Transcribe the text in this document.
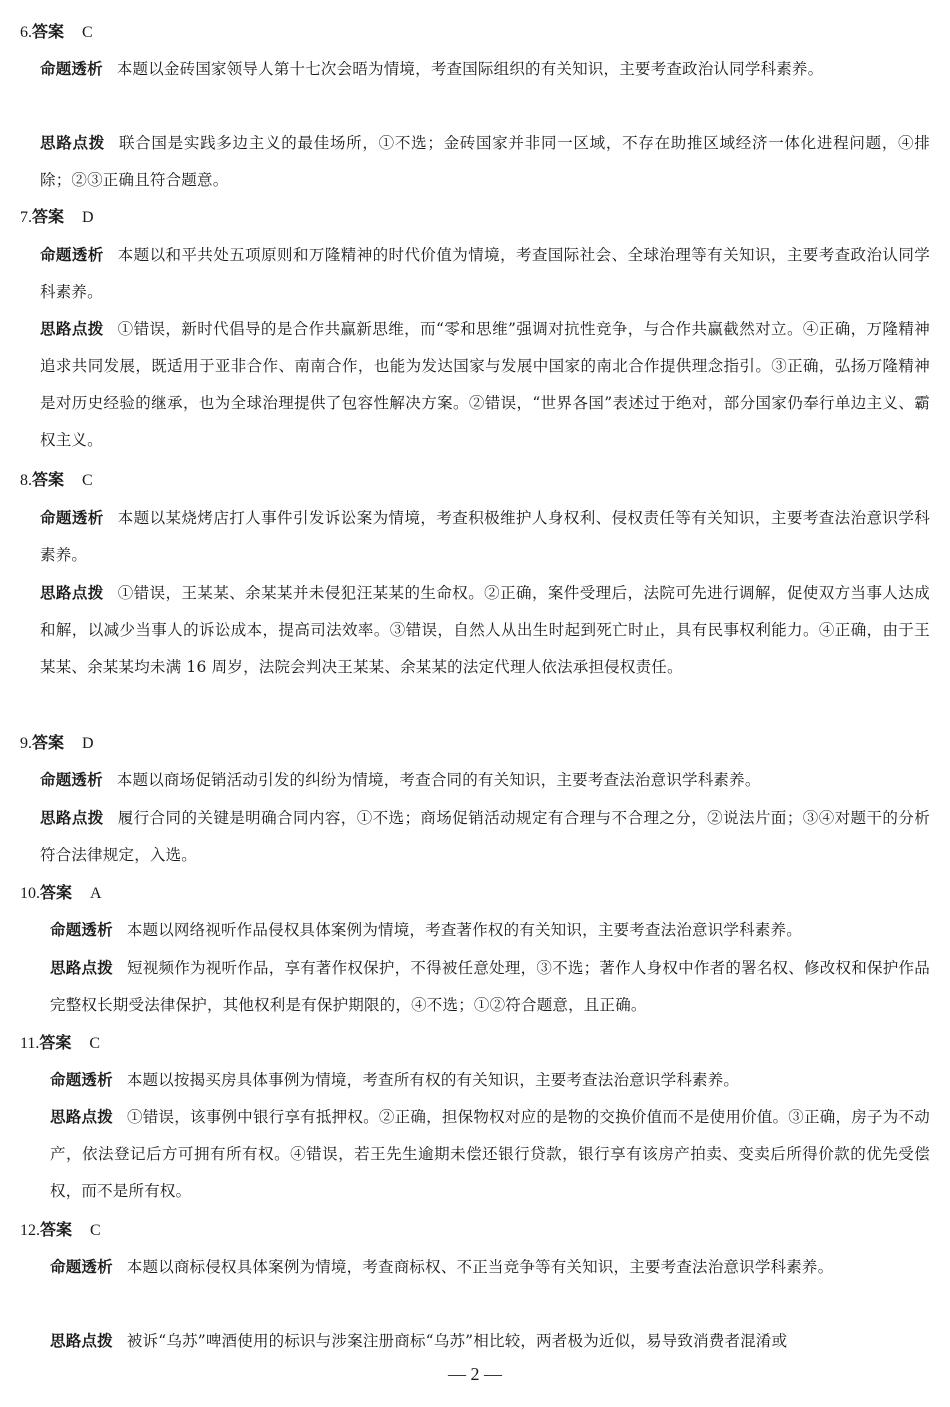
6.答案 C
命题透析 本题以金砖国家领导人第十七次会晤为情境，考查国际组织的有关知识，主要考查政治认同学科素养。
思路点拨 联合国是实践多边主义的最佳场所，①不选；金砖国家并非同一区域，不存在助推区域经济一体化进程问题，④排除；②③正确且符合题意。
7.答案 D
命题透析 本题以和平共处五项原则和万隆精神的时代价值为情境，考查国际社会、全球治理等有关知识，主要考查政治认同学科素养。
思路点拨 ①错误，新时代倡导的是合作共赢新思维，而“零和思维”强调对抗性竞争，与合作共赢截然对立。④正确，万隆精神追求共同发展，既适用于亚非合作、南南合作，也能为发达国家与发展中国家的南北合作提供理念指引。③正确，弘扬万隆精神是对历史经验的继承，也为全球治理提供了包容性解决方案。②错误，“世界各国”表述过于绝对，部分国家仍奉行单边主义、霸权主义。
8.答案 C
命题透析 本题以某烧烤店打人事件引发诉讼案为情境，考查积极维护人身权利、侵权责任等有关知识，主要考查法治意识学科素养。
思路点拨 ①错误，王某某、余某某并未侵犯汪某某的生命权。②正确，案件受理后，法院可先进行调解，促使双方当事人达成和解，以减少当事人的诉讼成本，提高司法效率。③错误，自然人从出生时起到死亡时止，具有民事权利能力。④正确，由于王某某、余某某均未满 16 周岁，法院会判决王某某、余某某的法定代理人依法承担侵权责任。
9.答案 D
命题透析 本题以商场促销活动引发的纠纷为情境，考查合同的有关知识，主要考查法治意识学科素养。
思路点拨 履行合同的关键是明确合同内容，①不选；商场促销活动规定有合理与不合理之分，②说法片面；③④对题干的分析符合法律规定，入选。
10.答案 A
命题透析 本题以网络视听作品侵权具体案例为情境，考查著作权的有关知识，主要考查法治意识学科素养。
思路点拨 短视频作为视听作品，享有著作权保护，不得被任意处理，③不选；著作人身权中作者的署名权、修改权和保护作品完整权长期受法律保护，其他权利是有保护期限的，④不选；①②符合题意，且正确。
11.答案 C
命题透析 本题以按揭买房具体事例为情境，考查所有权的有关知识，主要考查法治意识学科素养。
思路点拨 ①错误，该事例中银行享有抵押权。②正确，担保物权对应的是物的交换价值而不是使用价值。③正确，房子为不动产，依法登记后方可拥有所有权。④错误，若王先生逾期未偿还银行贷款，银行享有该房产拍卖、变卖后所得价款的优先受偿权，而不是所有权。
12.答案 C
命题透析 本题以商标侵权具体案例为情境，考查商标权、不正当竞争等有关知识，主要考查法治意识学科素养。
思路点拨 被诉“乌苏”啤酒使用的标识与涉案注册商标“乌苏”相比较，两者极为近似，易导致消费者混淆或
— 2 —
